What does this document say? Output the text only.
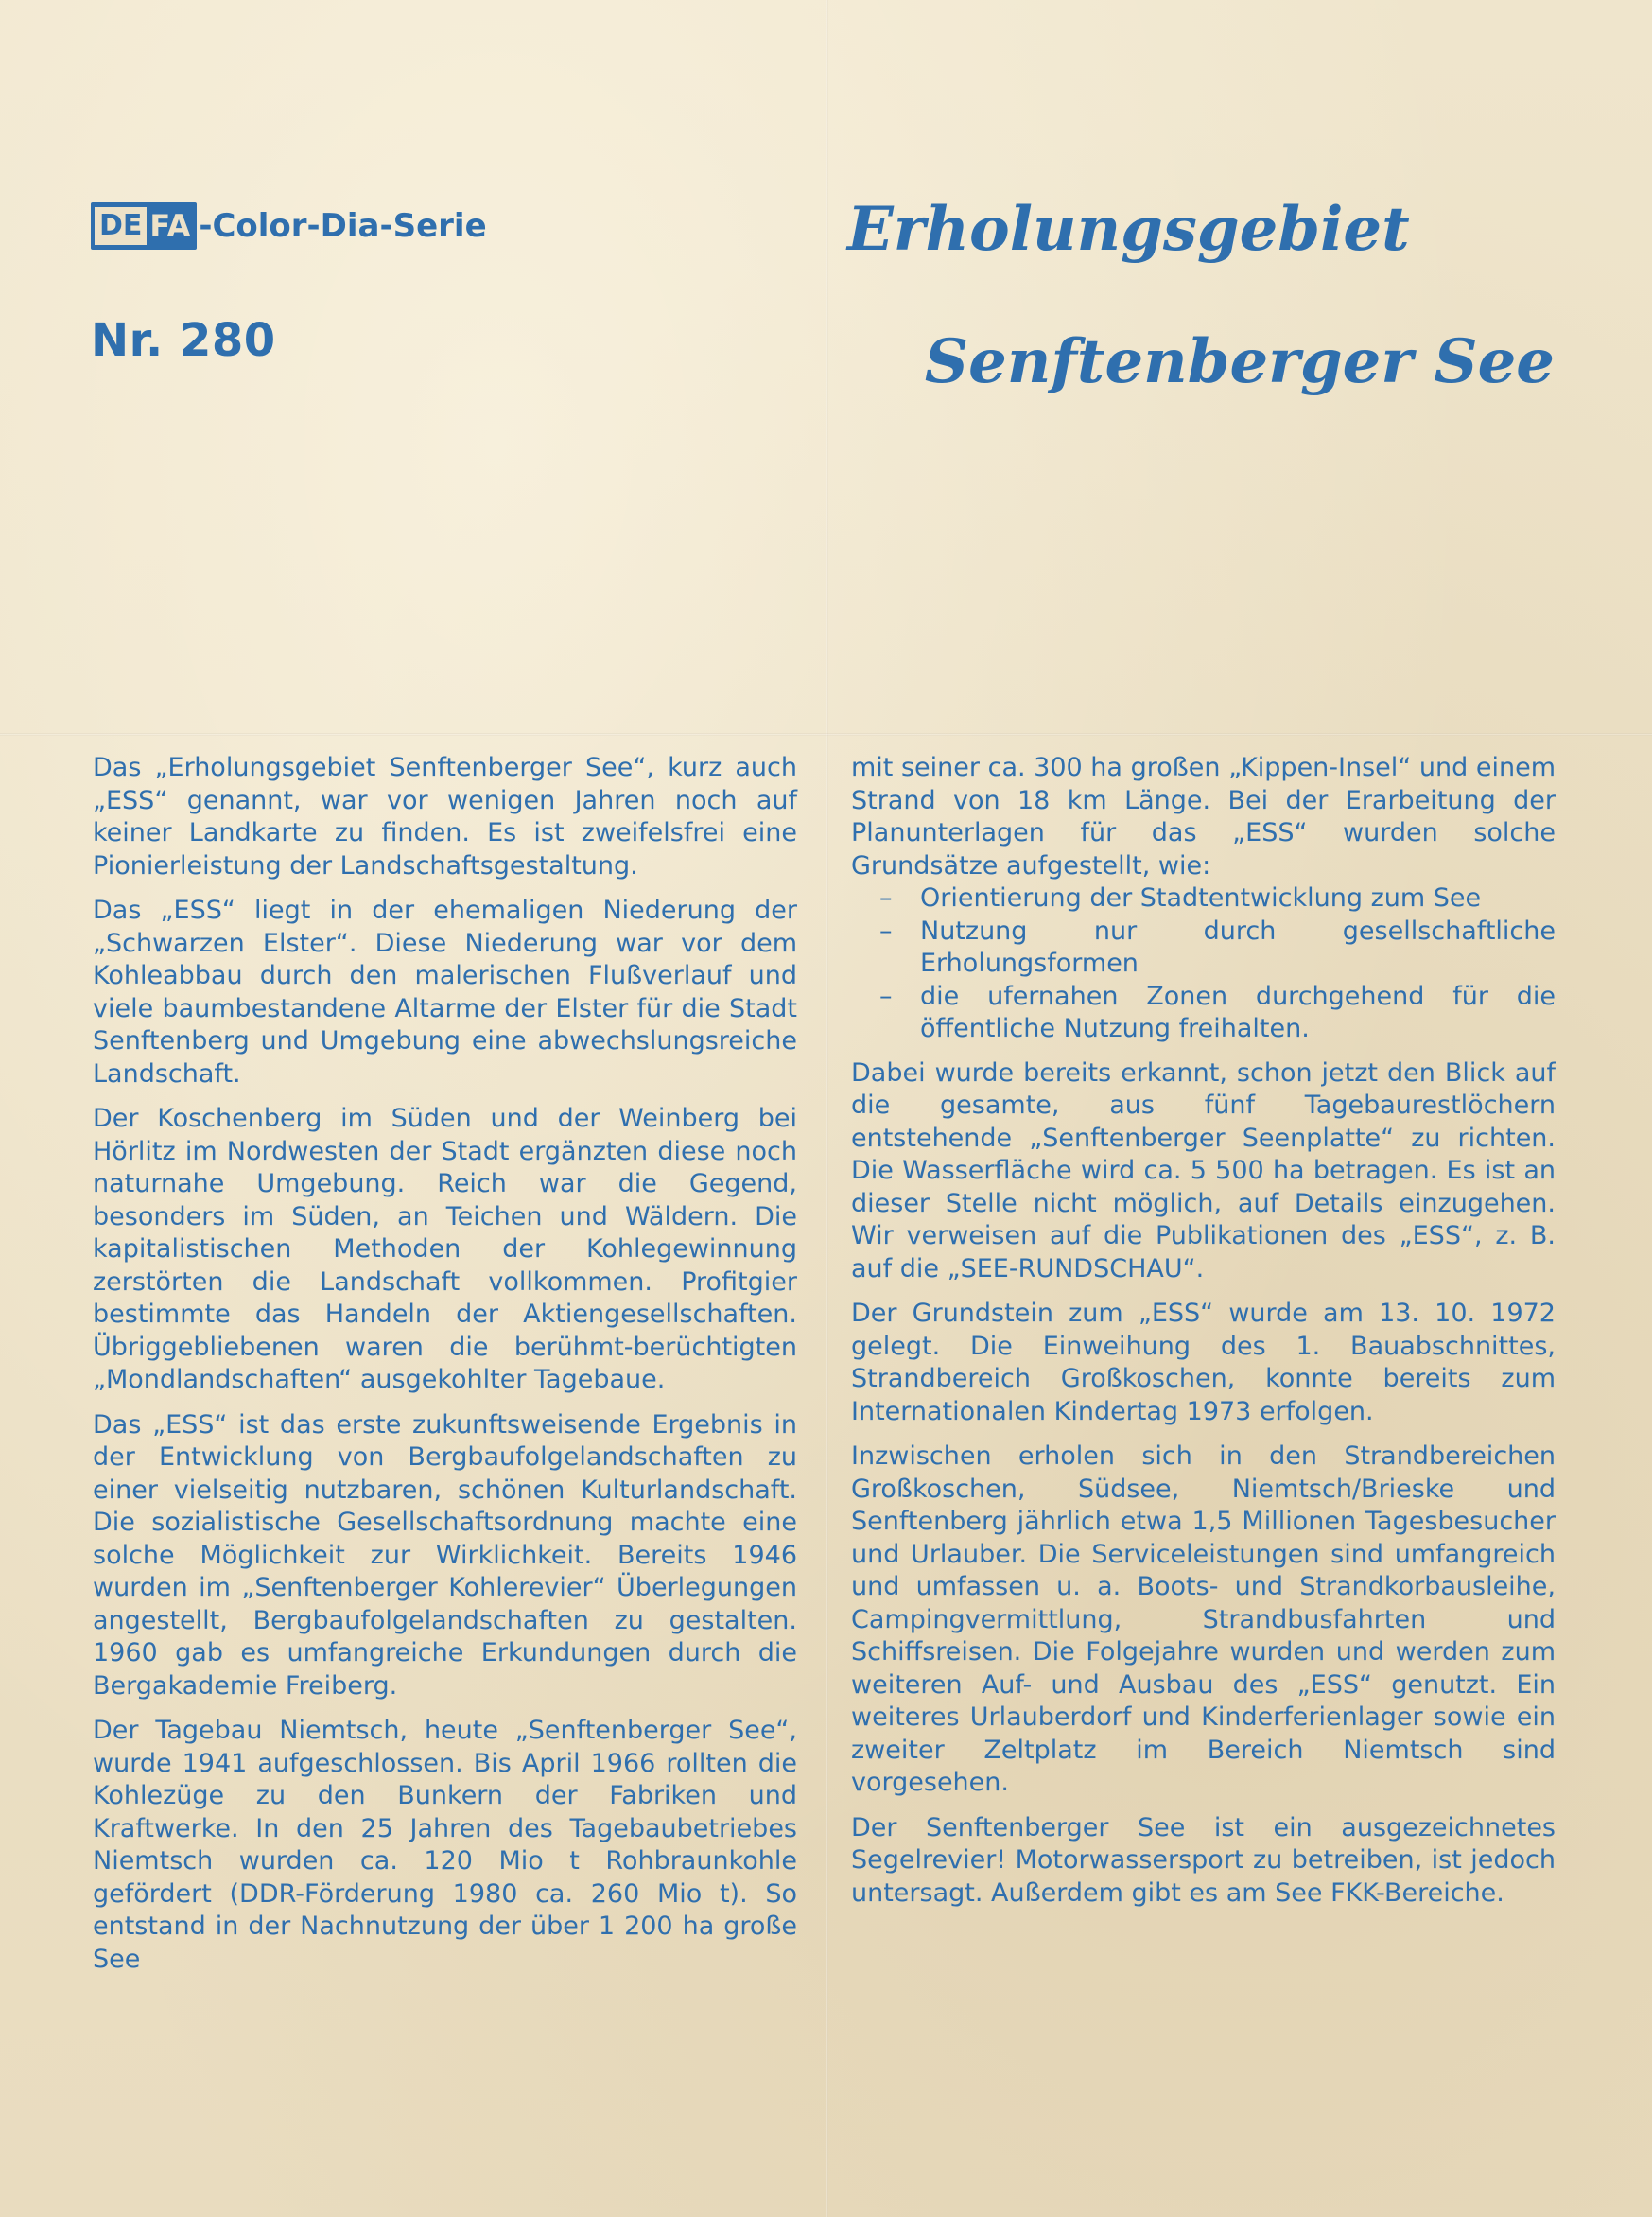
DE FA -Color-Dia-Serie
Nr. 280
Erholungsgebiet
Senftenberger See

Das „Erholungsgebiet Senftenberger See“, kurz auch „ESS“ genannt, war vor wenigen Jahren noch auf keiner Landkarte zu finden. Es ist zweifelsfrei eine Pionierleistung der Landschaftsgestaltung.

Das „ESS“ liegt in der ehemaligen Niederung der „Schwarzen Elster“. Diese Niederung war vor dem Kohleabbau durch den malerischen Flußverlauf und viele baumbestandene Altarme der Elster für die Stadt Senftenberg und Umgebung eine abwechslungsreiche Landschaft.

Der Koschenberg im Süden und der Weinberg bei Hörlitz im Nordwesten der Stadt ergänzten diese noch naturnahe Umgebung. Reich war die Gegend, besonders im Süden, an Teichen und Wäldern. Die kapitalistischen Methoden der Kohlegewinnung zerstörten die Landschaft vollkommen. Profitgier bestimmte das Handeln der Aktiengesellschaften. Übriggebliebenen waren die berühmt-berüchtigten „Mondlandschaften“ ausgekohlter Tagebaue.

Das „ESS“ ist das erste zukunftsweisende Ergebnis in der Entwicklung von Bergbaufolgelandschaften zu einer vielseitig nutzbaren, schönen Kulturlandschaft. Die sozialistische Gesellschaftsordnung machte eine solche Möglichkeit zur Wirklichkeit. Bereits 1946 wurden im „Senftenberger Kohlerevier“ Überlegungen angestellt, Bergbaufolgelandschaften zu gestalten. 1960 gab es umfangreiche Erkundungen durch die Bergakademie Freiberg.

Der Tagebau Niemtsch, heute „Senftenberger See“, wurde 1941 aufgeschlossen. Bis April 1966 rollten die Kohlezüge zu den Bunkern der Fabriken und Kraftwerke. In den 25 Jahren des Tagebaubetriebes Niemtsch wurden ca. 120 Mio t Rohbraunkohle gefördert (DDR-Förderung 1980 ca. 260 Mio t). So entstand in der Nachnutzung der über 1 200 ha große See

mit seiner ca. 300 ha großen „Kippen-Insel“ und einem Strand von 18 km Länge. Bei der Erarbeitung der Planunterlagen für das „ESS“ wurden solche Grundsätze aufgestellt, wie:

– Orientierung der Stadtentwicklung zum See
– Nutzung nur durch gesellschaftliche Erholungsformen
– die ufernahen Zonen durchgehend für die öffentliche Nutzung freihalten.

Dabei wurde bereits erkannt, schon jetzt den Blick auf die gesamte, aus fünf Tagebaurestlöchern entstehende „Senftenberger Seenplatte“ zu richten. Die Wasserfläche wird ca. 5 500 ha betragen. Es ist an dieser Stelle nicht möglich, auf Details einzugehen. Wir verweisen auf die Publikationen des „ESS“, z. B. auf die „SEE-RUNDSCHAU“.

Der Grundstein zum „ESS“ wurde am 13. 10. 1972 gelegt. Die Einweihung des 1. Bauabschnittes, Strandbereich Großkoschen, konnte bereits zum Internationalen Kindertag 1973 erfolgen.

Inzwischen erholen sich in den Strandbereichen Großkoschen, Südsee, Niemtsch/Brieske und Senftenberg jährlich etwa 1,5 Millionen Tagesbesucher und Urlauber. Die Serviceleistungen sind umfangreich und umfassen u. a. Boots- und Strandkorbausleihe, Campingvermittlung, Strandbusfahrten und Schiffsreisen. Die Folgejahre wurden und werden zum weiteren Auf- und Ausbau des „ESS“ genutzt. Ein weiteres Urlauberdorf und Kinderferienlager sowie ein zweiter Zeltplatz im Bereich Niemtsch sind vorgesehen.

Der Senftenberger See ist ein ausgezeichnetes Segelrevier! Motorwassersport zu betreiben, ist jedoch untersagt. Außerdem gibt es am See FKK-Bereiche.
